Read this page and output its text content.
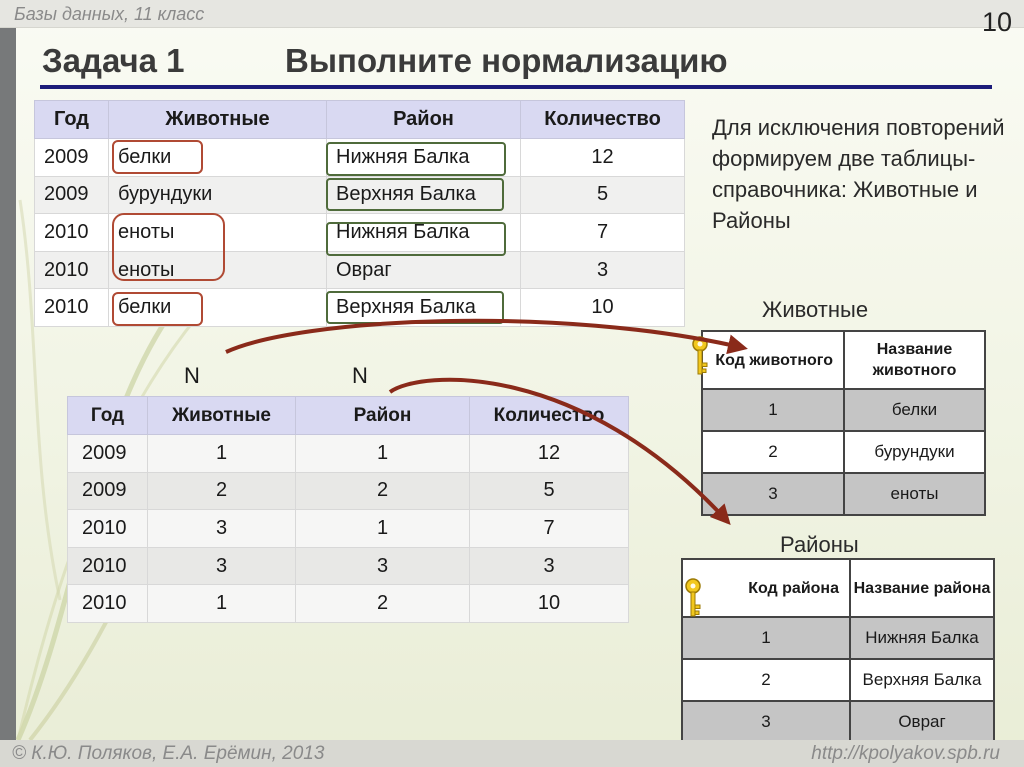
Базы данных, 11 класс	10
Задача 1	Выполните нормализацию
Год	Животные	Район	Количество
2009	белки	Нижняя Балка	12
2009	бурундуки	Верхняя Балка	5
2010	еноты	Нижняя Балка	7
2010	еноты	Овраг	3
2010	белки	Верхняя Балка	10
Для исключения повторений формируем две таблицы-справочника: Животные и Районы
N	N
Год	Животные	Район	Количество
2009	1	1	12
2009	2	2	5
2010	3	1	7
2010	3	3	3
2010	1	2	10
Животные
Код животного	Название животного
1	белки
2	бурундуки
3	еноты
Районы
Код района	Название района
1	Нижняя Балка
2	Верхняя Балка
3	Овраг
© К.Ю. Поляков, Е.А. Ерёмин, 2013	http://kpolyakov.spb.ru
